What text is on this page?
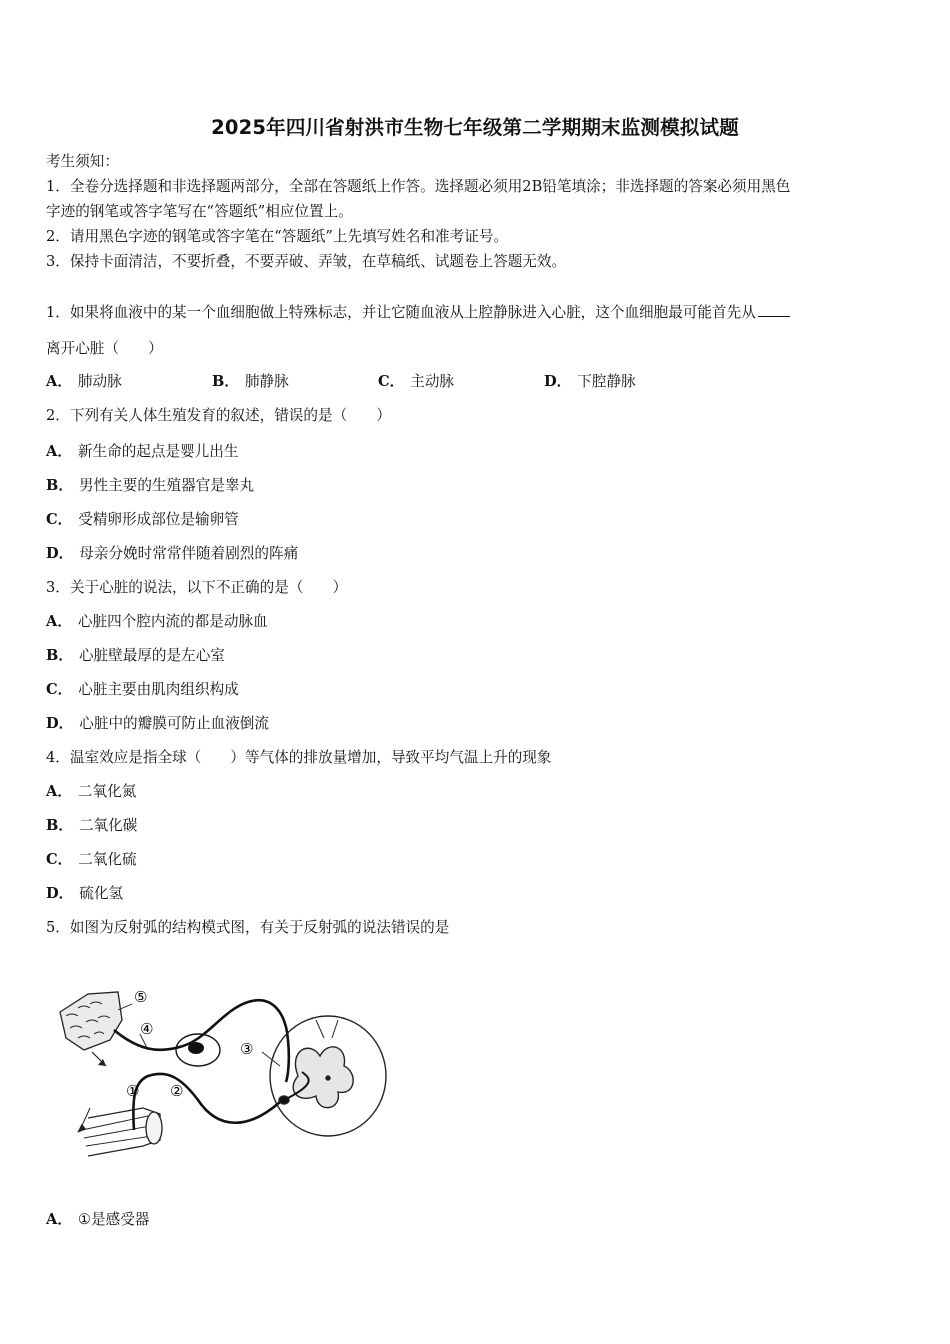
2025年四川省射洪市生物七年级第二学期期末监测模拟试题
考生须知：
1．全卷分选择题和非选择题两部分，全部在答题纸上作答。选择题必须用2B铅笔填涂；非选择题的答案必须用黑色
字迹的钢笔或答字笔写在“答题纸”相应位置上。
2．请用黑色字迹的钢笔或答字笔在“答题纸”上先填写姓名和准考证号。
3．保持卡面清洁，不要折叠，不要弄破、弄皱，在草稿纸、试题卷上答题无效。
1．如果将血液中的某一个血细胞做上特殊标志，并让它随血液从上腔静脉进入心脏，这个血细胞最可能首先从
离开心脏（　　）
A． 肺动脉	B． 肺静脉	C． 主动脉	D． 下腔静脉
2．下列有关人体生殖发育的叙述，错误的是（　　）
A． 新生命的起点是婴儿出生
B． 男性主要的生殖器官是睾丸
C． 受精卵形成部位是输卵管
D． 母亲分娩时常常伴随着剧烈的阵痛
3．关于心脏的说法，以下不正确的是（　　）
A． 心脏四个腔内流的都是动脉血
B． 心脏壁最厚的是左心室
C． 心脏主要由肌肉组织构成
D． 心脏中的瓣膜可防止血液倒流
4．温室效应是指全球（　　）等气体的排放量增加，导致平均气温上升的现象
A． 二氧化氮
B． 二氧化碳
C． 二氧化硫
D． 硫化氢
5．如图为反射弧的结构模式图，有关于反射弧的说法错误的是
⑤
④
③
① ②
A． ①是感受器
